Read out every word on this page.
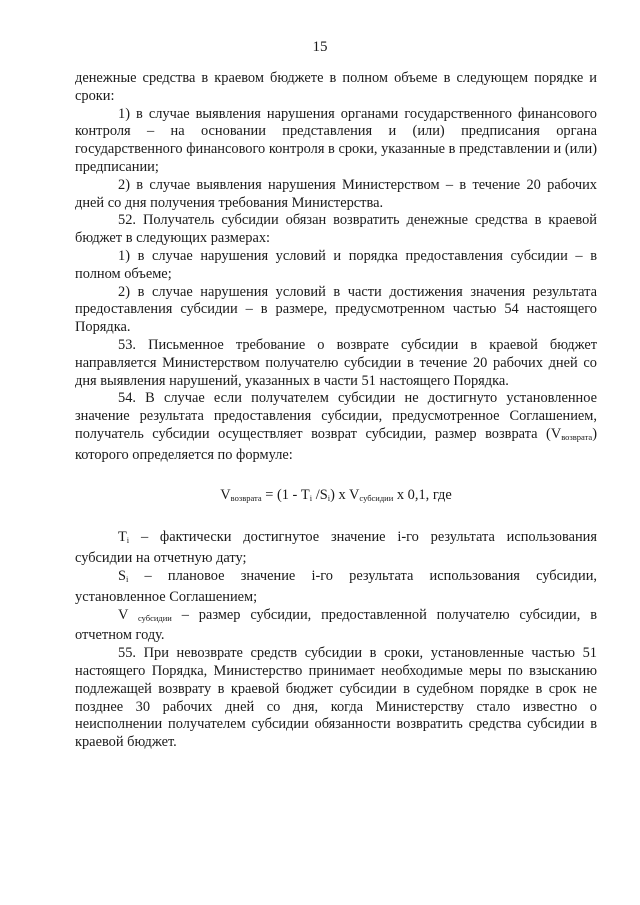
15

денежные средства в краевом бюджете в полном объеме в следующем порядке и сроки:

1) в случае выявления нарушения органами государственного финансового контроля – на основании представления и (или) предписания органа государственного финансового контроля в сроки, указанные в представлении и (или) предписании;

2) в случае выявления нарушения Министерством – в течение 20 рабочих дней со дня получения требования Министерства.

52. Получатель субсидии обязан возвратить денежные средства в краевой бюджет в следующих размерах:

1) в случае нарушения условий и порядка предоставления субсидии – в полном объеме;

2) в случае нарушения условий в части достижения значения результата предоставления субсидии – в размере, предусмотренном частью 54 настоящего Порядка.

53. Письменное требование о возврате субсидии в краевой бюджет направляется Министерством получателю субсидии в течение 20 рабочих дней со дня выявления нарушений, указанных в части 51 настоящего Порядка.

54. В случае если получателем субсидии не достигнуто установленное значение результата предоставления субсидии, предусмотренное Соглашением, получатель субсидии осуществляет возврат субсидии, размер возврата $(V_{возврата})$ которого определяется по формуле:

$V_{возврата} = (1 - Ti$ /Si) x $V_{субсидии}$ x 0,1, где

Ti – фактически достигнутое значение i-го результата использования субсидии на отчетную дату;

Si – плановое значение i-го результата использования субсидии, установленное Соглашением;

V $_{субсидии}$ – размер субсидии, предоставленной получателю субсидии, в отчетном году.

55. При невозврате средств субсидии в сроки, установленные частью 51 настоящего Порядка, Министерство принимает необходимые меры по взысканию подлежащей возврату в краевой бюджет субсидии в судебном порядке в срок не позднее 30 рабочих дней со дня, когда Министерству стало известно о неисполнении получателем субсидии обязанности возвратить средства субсидии в краевой бюджет.
